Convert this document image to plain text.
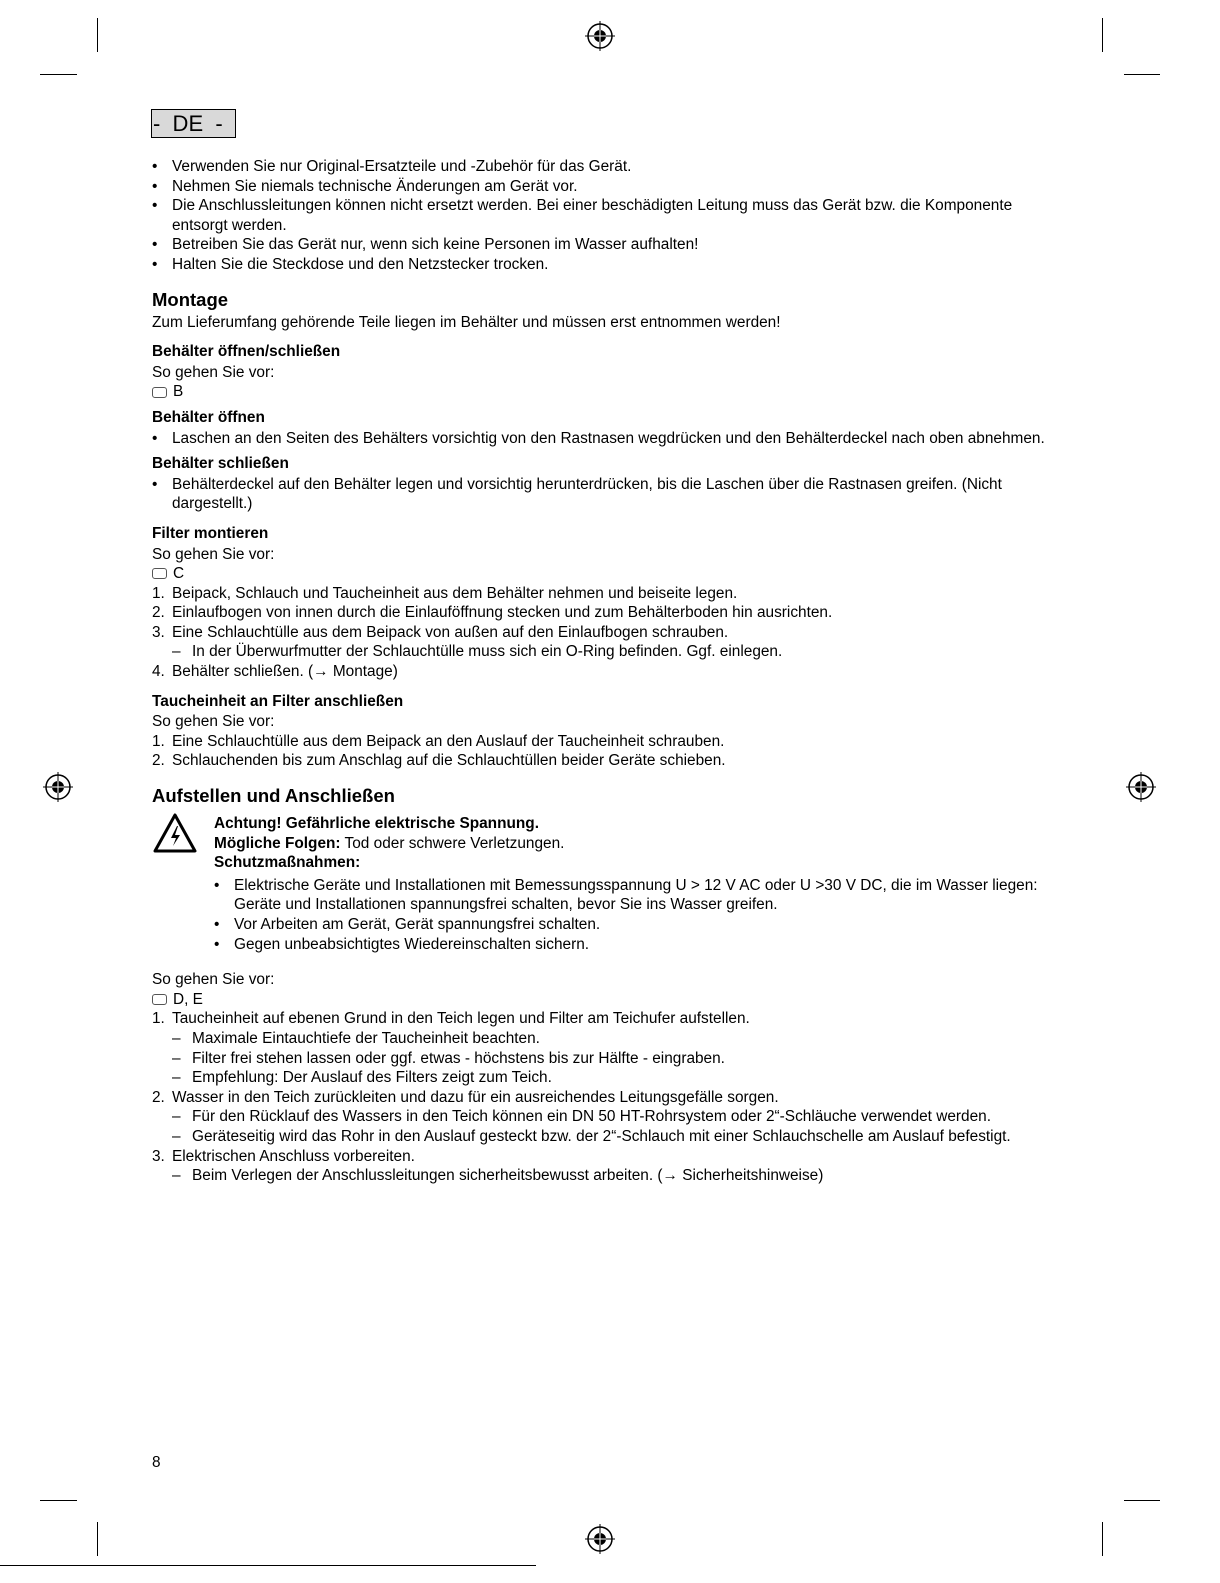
-  DE  -
• Verwenden Sie nur Original-Ersatzteile und -Zubehör für das Gerät.
• Nehmen Sie niemals technische Änderungen am Gerät vor.
• Die Anschlussleitungen können nicht ersetzt werden. Bei einer beschädigten Leitung muss das Gerät bzw. die Komponente entsorgt werden.
• Betreiben Sie das Gerät nur, wenn sich keine Personen im Wasser aufhalten!
• Halten Sie die Steckdose und den Netzstecker trocken.
Montage

Zum Lieferumfang gehörende Teile liegen im Behälter und müssen erst entnommen werden!

Behälter öffnen/schließen

So gehen Sie vor:

B
Behälter öffnen
• Laschen an den Seiten des Behälters vorsichtig von den Rastnasen wegdrücken und den Behälterdeckel nach oben abnehmen.
Behälter schließen
• Behälterdeckel auf den Behälter legen und vorsichtig herunterdrücken, bis die Laschen über die Rastnasen greifen. (Nicht dargestellt.)
Filter montieren

So gehen Sie vor:

C
1. Beipack, Schlauch und Taucheinheit aus dem Behälter nehmen und beiseite legen.
2. Einlaufbogen von innen durch die Einlauföffnung stecken und zum Behälterboden hin ausrichten.
3. Eine Schlauchtülle aus dem Beipack von außen auf den Einlaufbogen schrauben.
– In der Überwurfmutter der Schlauchtülle muss sich ein O-Ring befinden. Ggf. einlegen.
4. Behälter schließen. (→ Montage)
Taucheinheit an Filter anschließen

So gehen Sie vor:

1. Eine Schlauchtülle aus dem Beipack an den Auslauf der Taucheinheit schrauben.
2. Schlauchenden bis zum Anschlag auf die Schlauchtüllen beider Geräte schieben.
Aufstellen und Anschließen

Achtung! Gefährliche elektrische Spannung.

Mögliche Folgen: Tod oder schwere Verletzungen.

Schutzmaßnahmen:

• Elektrische Geräte und Installationen mit Bemessungsspannung U > 12 V AC oder U >30 V DC, die im Wasser liegen: Geräte und Installationen spannungsfrei schalten, bevor Sie ins Wasser greifen.
• Vor Arbeiten am Gerät, Gerät spannungsfrei schalten.
• Gegen unbeabsichtigtes Wiedereinschalten sichern.

So gehen Sie vor:

D, E
1. Taucheinheit auf ebenen Grund in den Teich legen und Filter am Teichufer aufstellen.
– Maximale Eintauchtiefe der Taucheinheit beachten.
– Filter frei stehen lassen oder ggf. etwas - höchstens bis zur Hälfte - eingraben.
– Empfehlung: Der Auslauf des Filters zeigt zum Teich.
2. Wasser in den Teich zurückleiten und dazu für ein ausreichendes Leitungsgefälle sorgen.
– Für den Rücklauf des Wassers in den Teich können ein DN 50 HT-Rohrsystem oder 2“-Schläuche verwendet werden.
– Geräteseitig wird das Rohr in den Auslauf gesteckt bzw. der 2“-Schlauch mit einer Schlauchschelle am Auslauf befestigt.
3. Elektrischen Anschluss vorbereiten.
– Beim Verlegen der Anschlussleitungen sicherheitsbewusst arbeiten. (→ Sicherheitshinweise)
8
